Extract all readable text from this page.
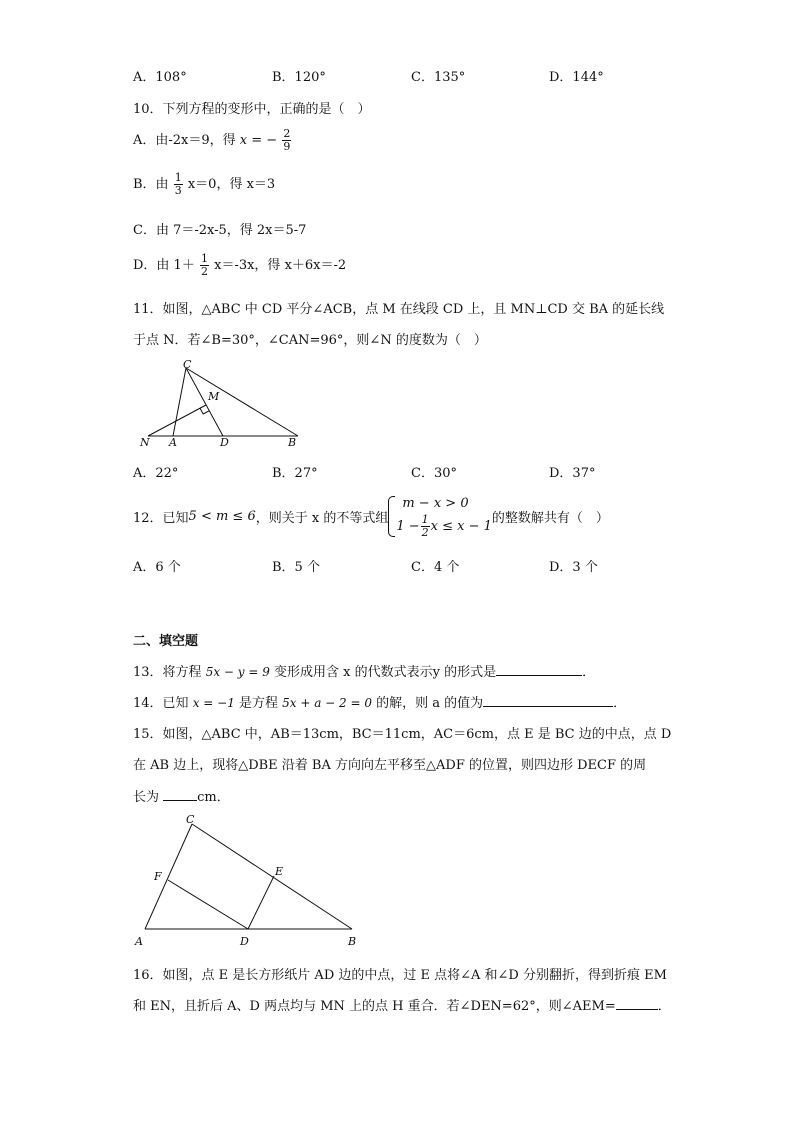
A．108°	B．120°	C．135°	D．144°
10．下列方程的变形中，正确的是（　）
A．由-2x＝9，得 x = − $\frac{2}{9}$
B．由 $\frac{1}{3} x=0$，得 x＝3
C．由 7＝-2x-5，得 2x＝5-7
D．由 $1+ \frac{1}{2} x=-3x$，得 x＋6x＝-2
11．如图，△ABC 中 CD 平分∠ACB，点 M 在线段 CD 上，且 MN⊥CD 交 BA 的延长线
于点 N．若∠B=30°，∠CAN=96°，则∠N 的度数为（　）
C
M
N A	D	B
A．22°	B．27°	C．30°	D．37°
12．已知 5 < m ≤ 6 ，则关于 x 的不等式组
m − x > 0
$1 - \frac{1}{2}$ x ≤ x − 1
的整数解共有（　）
A．6 个	B．5 个	C．4 个	D．3 个
二、填空题
13．将方程 5x − y = 9 变形成用含 x 的代数式表示y 的形式是	．
14．已知 x = −1 是方程 5x + a − 2 = 0 的解，则 a 的值为	．
15．如图，△ABC 中，AB＝13cm，BC＝11cm，AC＝6cm，点 E 是 BC 边的中点，点 D
在 AB 边上，现将△DBE 沿着 BA 方向向左平移至△ADF 的位置，则四边形 DECF 的周
长为	cm．
C
F	E
A	D	B
16．如图，点 E 是长方形纸片 AD 边的中点，过 E 点将∠A 和∠D 分别翻折，得到折痕 EM
和 EN，且折后 A、D 两点均与 MN 上的点 H 重合．若∠DEN=62°，则∠AEM=	．
